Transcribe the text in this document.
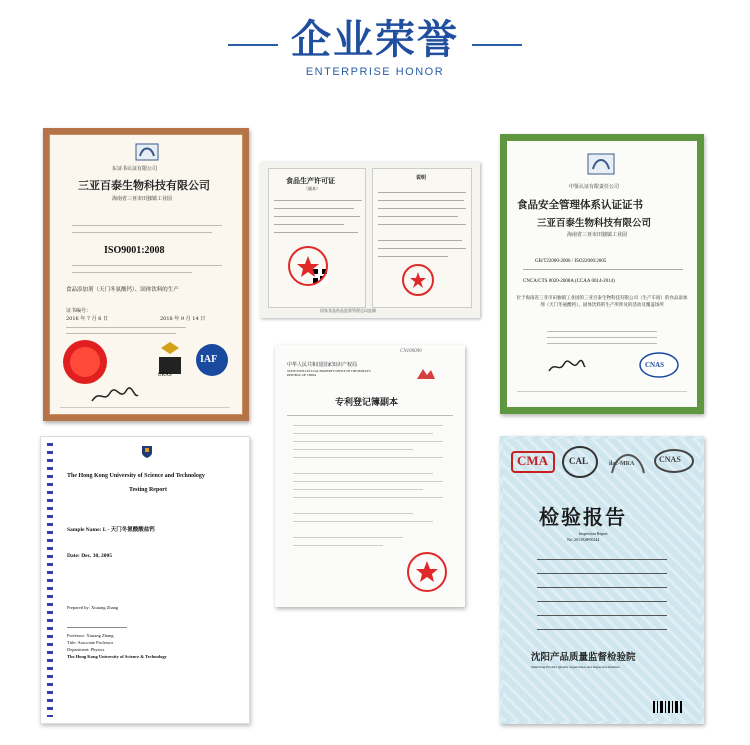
企业荣誉
ENTERPRISE HONOR
东证书认证有限公司
三亚百泰生物科技有限公司
海南省三亚市田独镇工业园
ISO9001:2008
食品添加剂（天门冬氨酸钙）、固体饮料的生产
证书编号：
2016 年 7 月 6 日	2018 年 9 月 14 日
UKAS
IAF
食品生产许可证
（副本）
说明
国家食品药品监督管理总局监制
中鉴认证有限责任公司
食品安全管理体系认证证书
三亚百泰生物科技有限公司
海南省三亚市田独镇工业园
GB/T22000-2006 / ISO22000:2005
CNCA/CTS 0020-2008A (CCAA 0014-2014)
位于海南省三亚市田独镇工业园的三亚百泰生物科技有限公司（生产车间）的食品添加剂（天门冬氨酸钙）、固体饮料的生产所涉及的活动及覆盖场所
CNAS
The Hong Kong University of Science and Technology
Testing Report
Sample Name: L - 天门冬氨酸酸盐钙
Date: Dec. 30, 2005
Prepared by: Xiuiang Zhang
Professor: Xiuiang Zhang
Title: Associate Professor
Department: Physics
The Hong Kong University of Science & Technology
中华人民共和国国家知识产权局
STATE INTELLECTUAL PROPERTY OFFICE OF THE PEOPLE'S REPUBLIC OF CHINA
CN100090
专利登记簿副本
CMA CAL	ilac-MRA	CNAS
检验报告
Inspection Report
No: 2013XSP00244
沈阳产品质量监督检验院
ShenYang Product Quality Supervision and Inspection Institute
